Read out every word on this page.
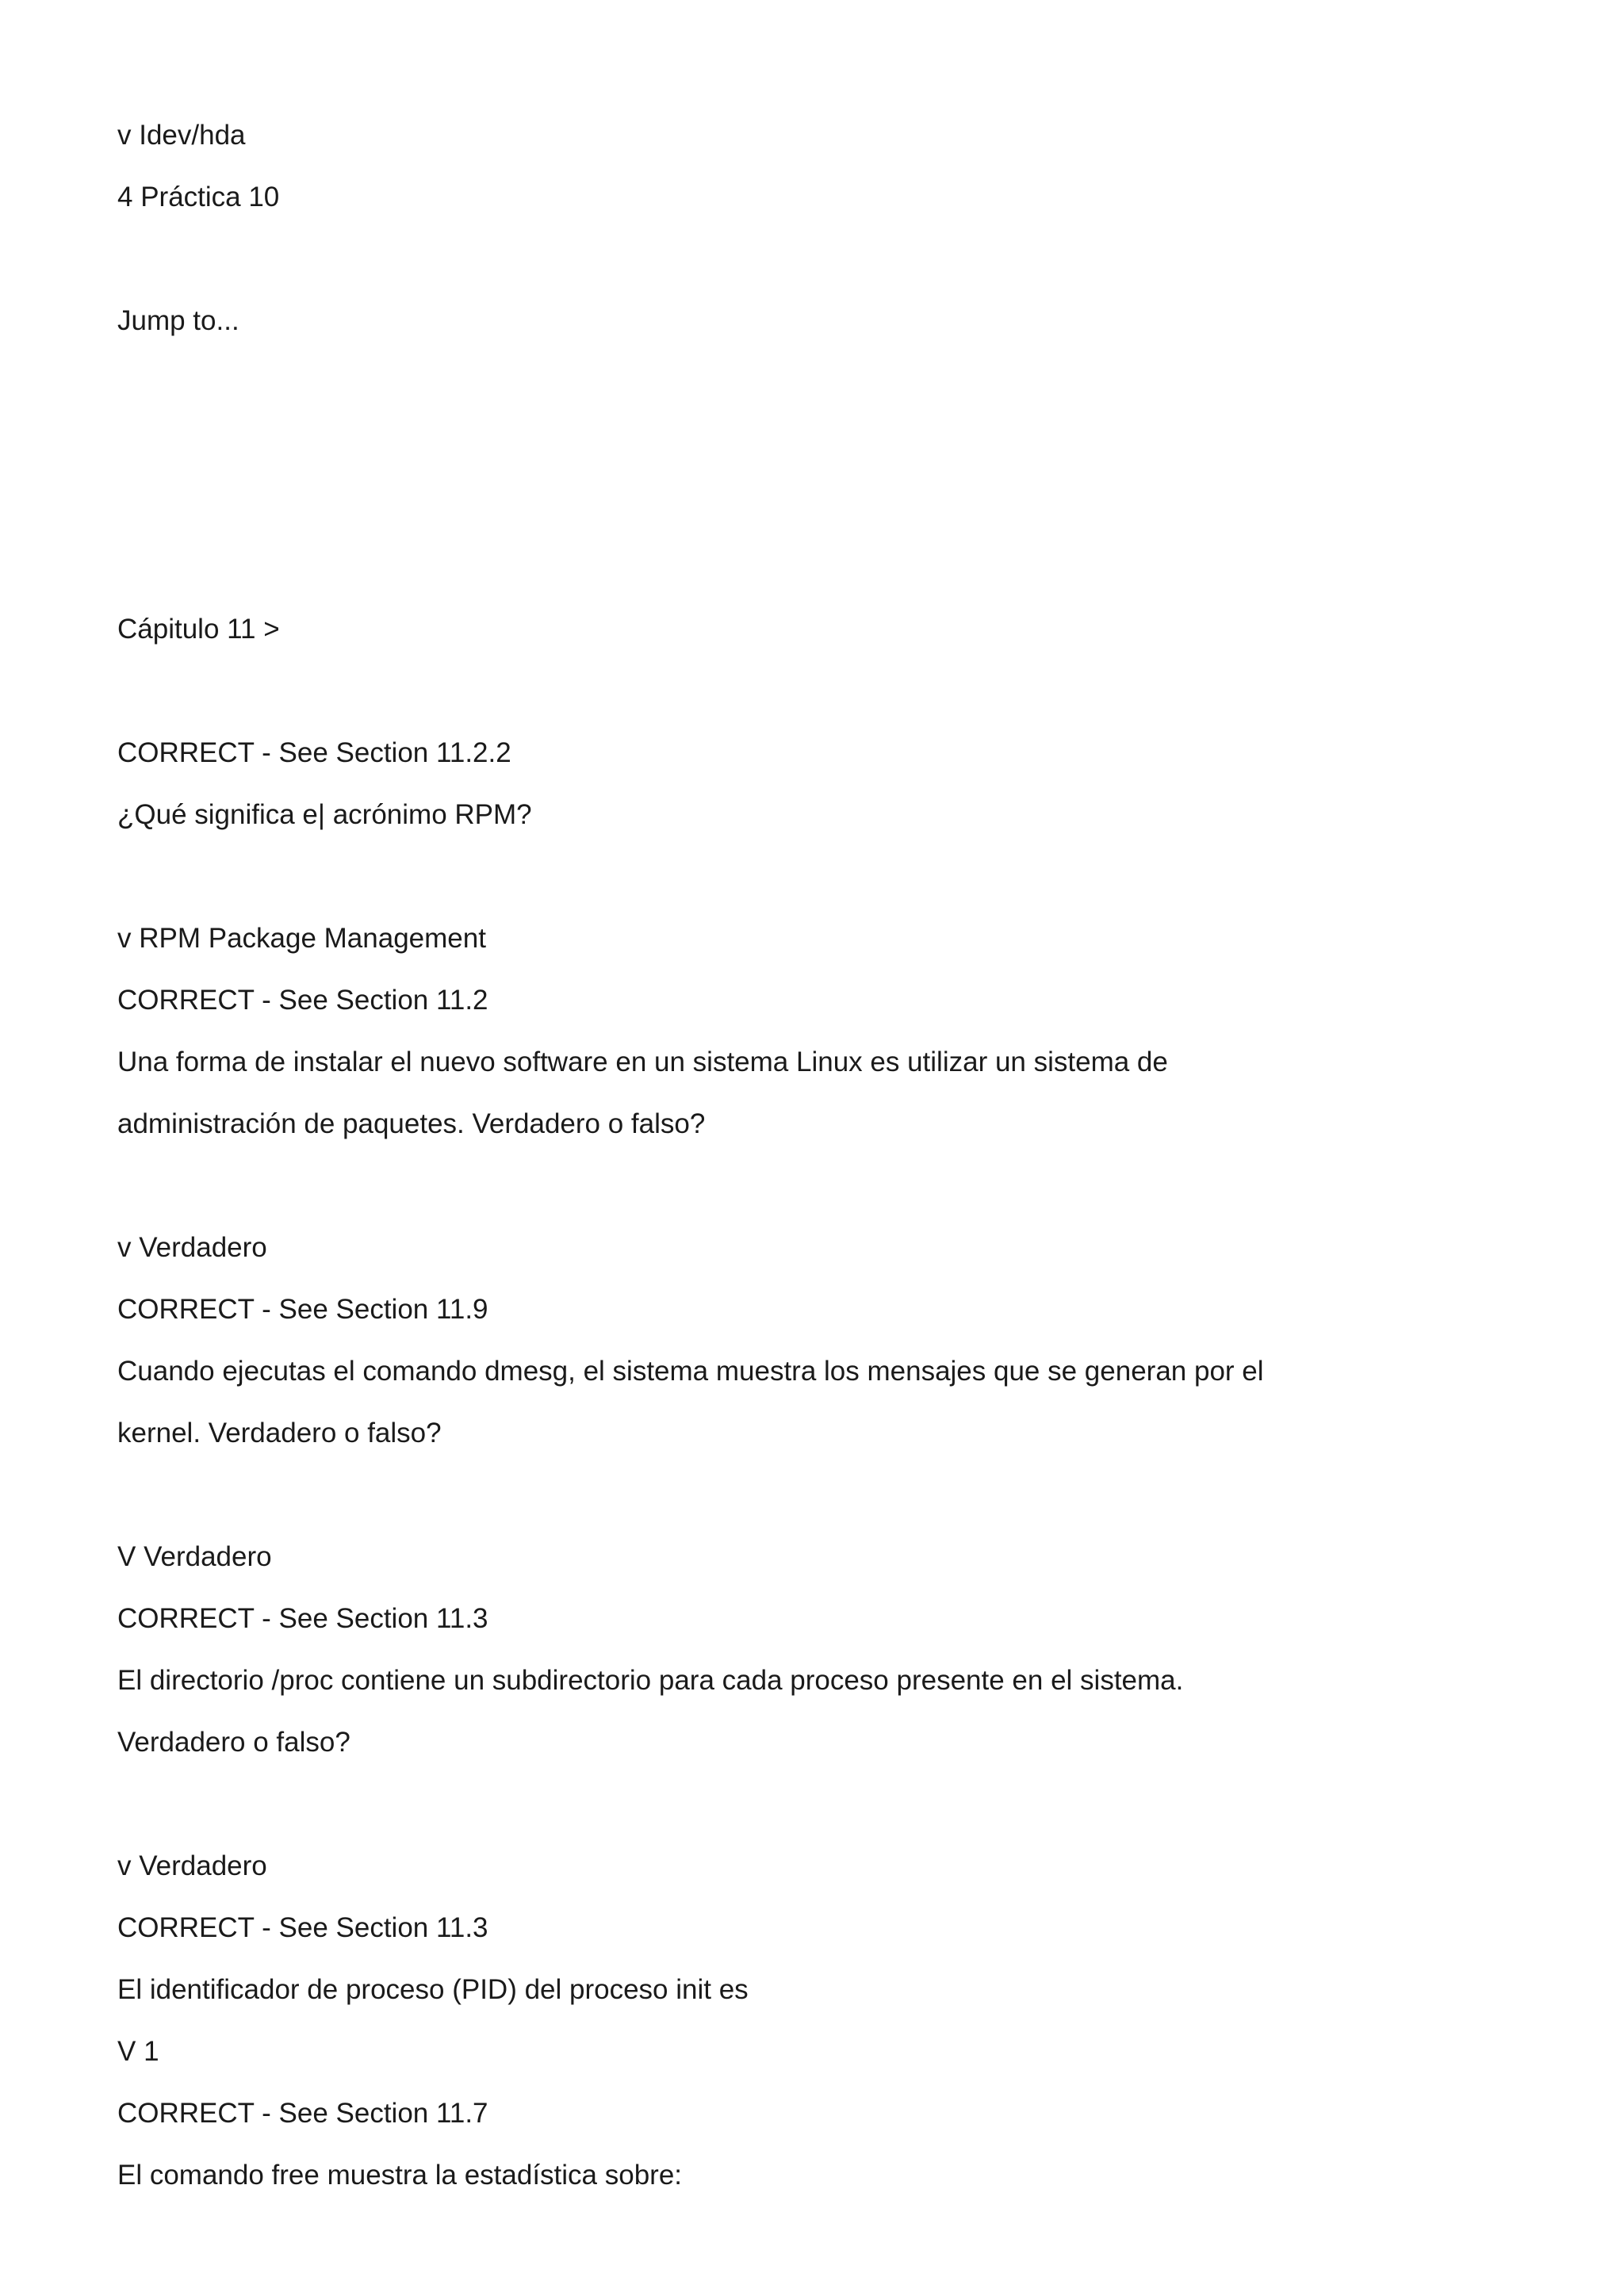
v Idev/hda
4 Práctica 10
Jump to...
Cápitulo 11 >
CORRECT - See Section 11.2.2
¿Qué significa e| acrónimo RPM?
v RPM Package Management
CORRECT - See Section 11.2
Una forma de instalar el nuevo software en un sistema Linux es utilizar un sistema de
administración de paquetes. Verdadero o falso?
v Verdadero
CORRECT - See Section 11.9
Cuando ejecutas el comando dmesg, el sistema muestra los mensajes que se generan por el
kernel. Verdadero o falso?
V Verdadero
CORRECT - See Section 11.3
El directorio /proc contiene un subdirectorio para cada proceso presente en el sistema.
Verdadero o falso?
v Verdadero
CORRECT - See Section 11.3
El identificador de proceso (PID) del proceso init es
V 1
CORRECT - See Section 11.7
El comando free muestra la estadística sobre:
